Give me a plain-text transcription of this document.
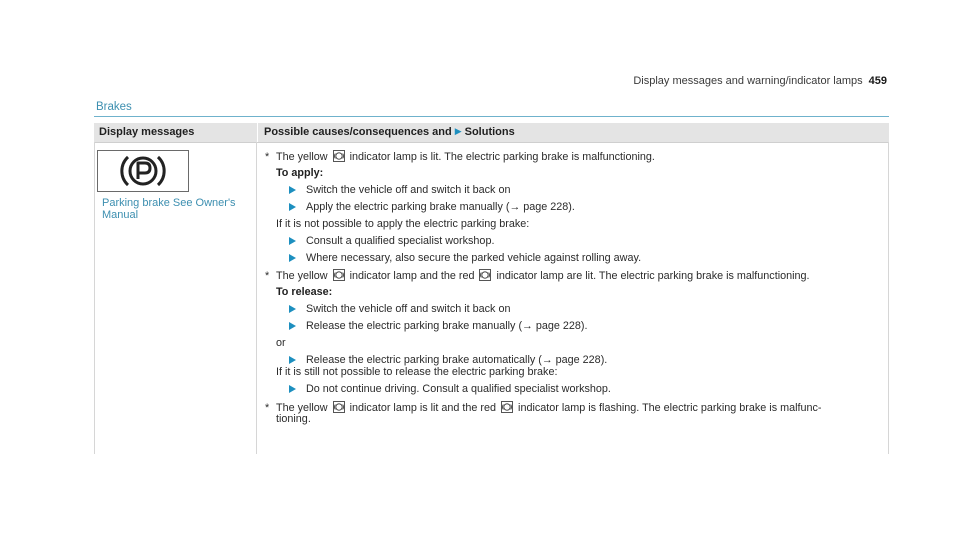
Display messages and warning/indicator lamps 459
Brakes
Display messages	Possible causes/consequences and ▶ Solutions
Parking brake See Owner's Manual
* The yellow indicator lamp is lit. The electric parking brake is malfunctioning.
To apply:
Switch the vehicle off and switch it back on
Apply the electric parking brake manually (→ page 228).
If it is not possible to apply the electric parking brake:
Consult a qualified specialist workshop.
Where necessary, also secure the parked vehicle against rolling away.
* The yellow indicator lamp and the red indicator lamp are lit. The electric parking brake is malfunctioning.
To release:
Switch the vehicle off and switch it back on
Release the electric parking brake manually (→ page 228).
or
Release the electric parking brake automatically (→ page 228).
If it is still not possible to release the electric parking brake:
Do not continue driving. Consult a qualified specialist workshop.
* The yellow indicator lamp is lit and the red indicator lamp is flashing. The electric parking brake is malfunc-
tioning.
